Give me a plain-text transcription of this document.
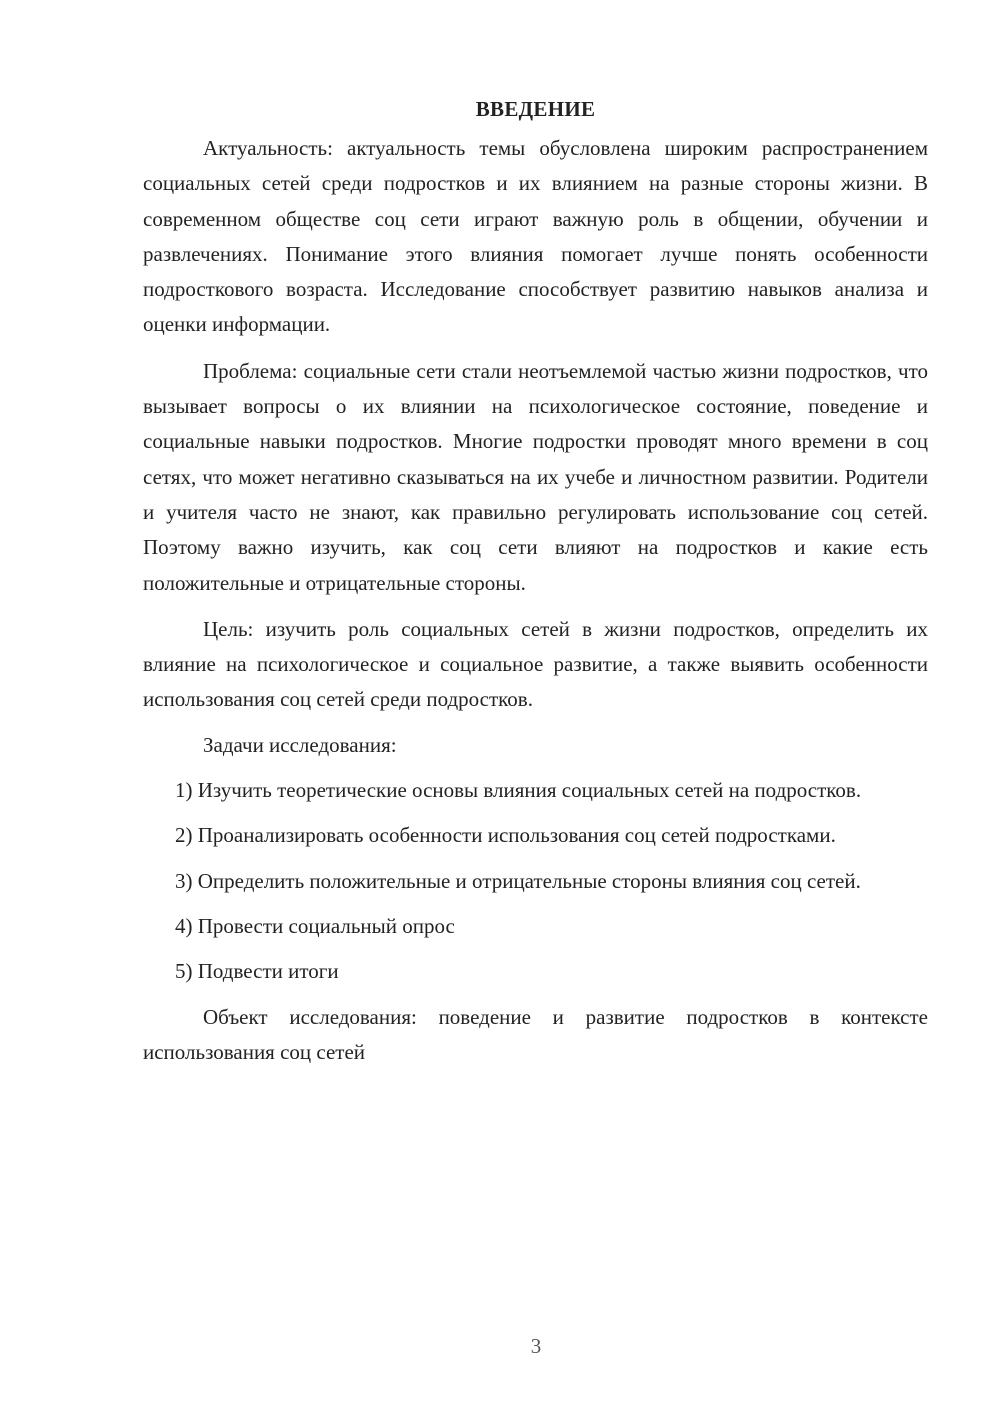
ВВЕДЕНИЕ

Актуальность: актуальность темы обусловлена широким распространением социальных сетей среди подростков и их влиянием на разные стороны жизни. В современном обществе соц сети играют важную роль в общении, обучении и развлечениях. Понимание этого влияния помогает лучше понять особенности подросткового возраста. Исследование способствует развитию навыков анализа и оценки информации.

Проблема: социальные сети стали неотъемлемой частью жизни подростков, что вызывает вопросы о их влиянии на психологическое состояние, поведение и социальные навыки подростков. Многие подростки проводят много времени в соц сетях, что может негативно сказываться на их учебе и личностном развитии. Родители и учителя часто не знают, как правильно регулировать использование соц сетей. Поэтому важно изучить, как соц сети влияют на подростков и какие есть положительные и отрицательные стороны.

Цель: изучить роль социальных сетей в жизни подростков, определить их влияние на психологическое и социальное развитие, а также выявить особенности использования соц сетей среди подростков.

Задачи исследования:

1) Изучить теоретические основы влияния социальных сетей на подростков.

2) Проанализировать особенности использования соц сетей подростками.

3) Определить положительные и отрицательные стороны влияния соц сетей.

4) Провести социальный опрос

5) Подвести итоги

Объект исследования: поведение и развитие подростков в контексте использования соц сетей

3
